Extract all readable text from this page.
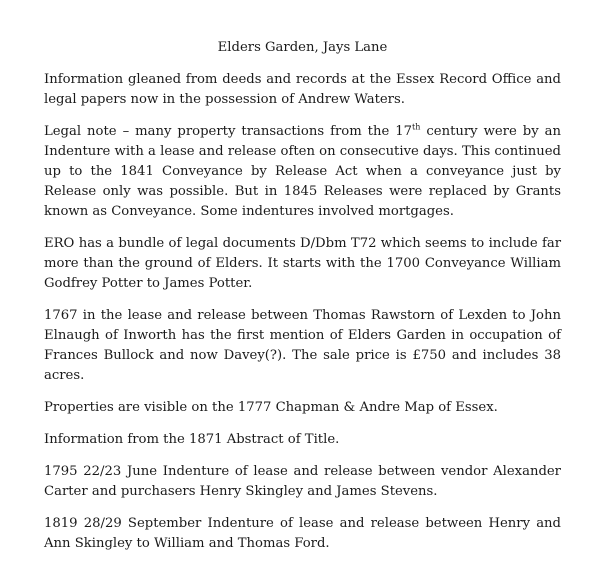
Elders Garden, Jays Lane

Information gleaned from deeds and records at the Essex Record Office and legal papers now in the possession of Andrew Waters.

Legal note – many property transactions from the 17th century were by an Indenture with a lease and release often on consecutive days. This continued up to the 1841 Conveyance by Release Act when a conveyance just by Release only was possible. But in 1845 Releases were replaced by Grants known as Conveyance. Some indentures involved mortgages.

ERO has a bundle of legal documents D/Dbm T72 which seems to include far more than the ground of Elders. It starts with the 1700 Conveyance William Godfrey Potter to James Potter.

1767 in the lease and release between Thomas Rawstorn of Lexden to John Elnaugh of Inworth has the first mention of Elders Garden in occupation of Frances Bullock and now Davey(?). The sale price is £750 and includes 38 acres.

Properties are visible on the 1777 Chapman & Andre Map of Essex.

Information from the 1871 Abstract of Title.

1795 22/23 June Indenture of lease and release between vendor Alexander Carter and purchasers Henry Skingley and James Stevens.

1819 28/29 September Indenture of lease and release between Henry and Ann Skingley to William and Thomas Ford.
